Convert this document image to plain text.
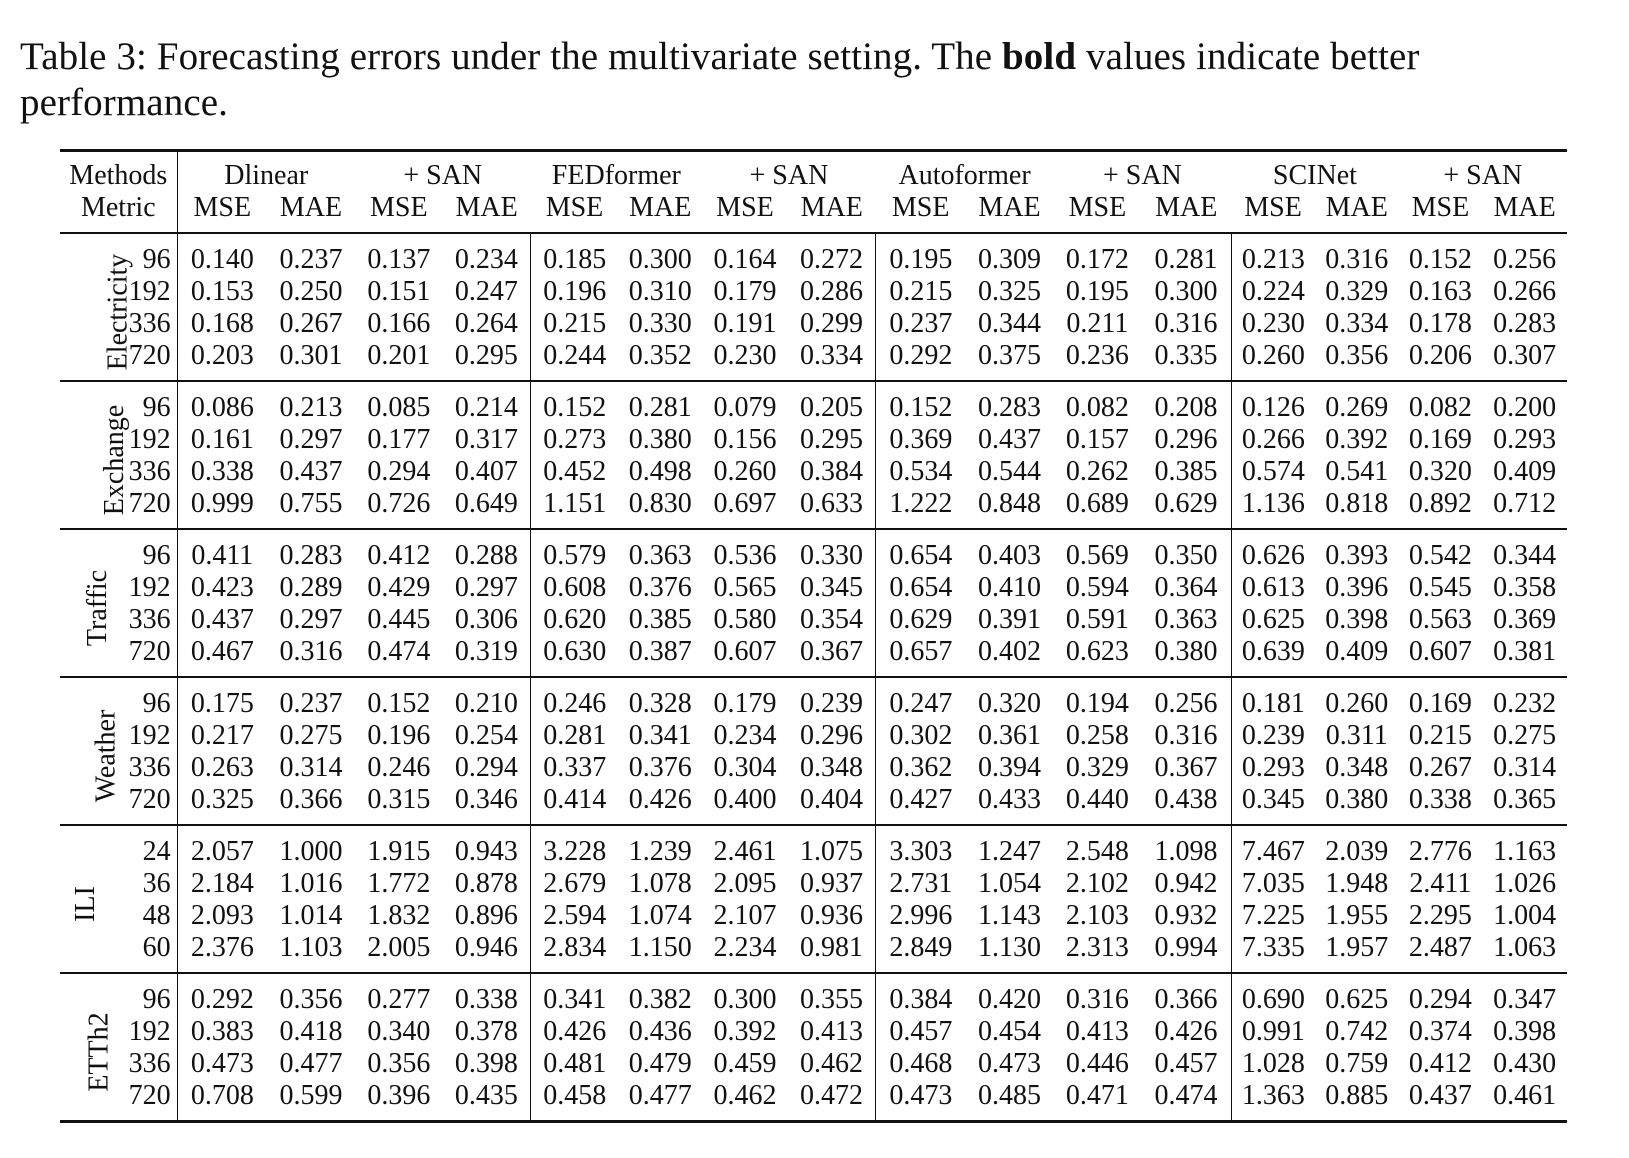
Table 3: Forecasting errors under the multivariate setting. The bold values indicate better performance.
Methods		Dlinear		+ SAN		FEDformer		+ SAN		Autoformer		+ SAN		SCINet		+ SAN	
Metric		MSE	MAE	MSE	MAE	MSE	MAE	MSE	MAE	MSE	MAE	MSE	MAE	MSE	MAE	MSE	MAE
Electricity	96	0.140	0.237	0.137	0.234	0.185	0.300	0.164	0.272	0.195	0.309	0.172	0.281	0.213	0.316	0.152	0.256
	192	0.153	0.250	0.151	0.247	0.196	0.310	0.179	0.286	0.215	0.325	0.195	0.300	0.224	0.329	0.163	0.266
	336	0.168	0.267	0.166	0.264	0.215	0.330	0.191	0.299	0.237	0.344	0.211	0.316	0.230	0.334	0.178	0.283
	720	0.203	0.301	0.201	0.295	0.244	0.352	0.230	0.334	0.292	0.375	0.236	0.335	0.260	0.356	0.206	0.307
Exchange	96	0.086	0.213	0.085	0.214	0.152	0.281	0.079	0.205	0.152	0.283	0.082	0.208	0.126	0.269	0.082	0.200
	192	0.161	0.297	0.177	0.317	0.273	0.380	0.156	0.295	0.369	0.437	0.157	0.296	0.266	0.392	0.169	0.293
	336	0.338	0.437	0.294	0.407	0.452	0.498	0.260	0.384	0.534	0.544	0.262	0.385	0.574	0.541	0.320	0.409
	720	0.999	0.755	0.726	0.649	1.151	0.830	0.697	0.633	1.222	0.848	0.689	0.629	1.136	0.818	0.892	0.712
Traffic	96	0.411	0.283	0.412	0.288	0.579	0.363	0.536	0.330	0.654	0.403	0.569	0.350	0.626	0.393	0.542	0.344
	192	0.423	0.289	0.429	0.297	0.608	0.376	0.565	0.345	0.654	0.410	0.594	0.364	0.613	0.396	0.545	0.358
	336	0.437	0.297	0.445	0.306	0.620	0.385	0.580	0.354	0.629	0.391	0.591	0.363	0.625	0.398	0.563	0.369
	720	0.467	0.316	0.474	0.319	0.630	0.387	0.607	0.367	0.657	0.402	0.623	0.380	0.639	0.409	0.607	0.381
Weather	96	0.175	0.237	0.152	0.210	0.246	0.328	0.179	0.239	0.247	0.320	0.194	0.256	0.181	0.260	0.169	0.232
	192	0.217	0.275	0.196	0.254	0.281	0.341	0.234	0.296	0.302	0.361	0.258	0.316	0.239	0.311	0.215	0.275
	336	0.263	0.314	0.246	0.294	0.337	0.376	0.304	0.348	0.362	0.394	0.329	0.367	0.293	0.348	0.267	0.314
	720	0.325	0.366	0.315	0.346	0.414	0.426	0.400	0.404	0.427	0.433	0.440	0.438	0.345	0.380	0.338	0.365
ILI	24	2.057	1.000	1.915	0.943	3.228	1.239	2.461	1.075	3.303	1.247	2.548	1.098	7.467	2.039	2.776	1.163
	36	2.184	1.016	1.772	0.878	2.679	1.078	2.095	0.937	2.731	1.054	2.102	0.942	7.035	1.948	2.411	1.026
	48	2.093	1.014	1.832	0.896	2.594	1.074	2.107	0.936	2.996	1.143	2.103	0.932	7.225	1.955	2.295	1.004
	60	2.376	1.103	2.005	0.946	2.834	1.150	2.234	0.981	2.849	1.130	2.313	0.994	7.335	1.957	2.487	1.063
ETTh2	96	0.292	0.356	0.277	0.338	0.341	0.382	0.300	0.355	0.384	0.420	0.316	0.366	0.690	0.625	0.294	0.347
	192	0.383	0.418	0.340	0.378	0.426	0.436	0.392	0.413	0.457	0.454	0.413	0.426	0.991	0.742	0.374	0.398
	336	0.473	0.477	0.356	0.398	0.481	0.479	0.459	0.462	0.468	0.473	0.446	0.457	1.028	0.759	0.412	0.430
	720	0.708	0.599	0.396	0.435	0.458	0.477	0.462	0.472	0.473	0.485	0.471	0.474	1.363	0.885	0.437	0.461
